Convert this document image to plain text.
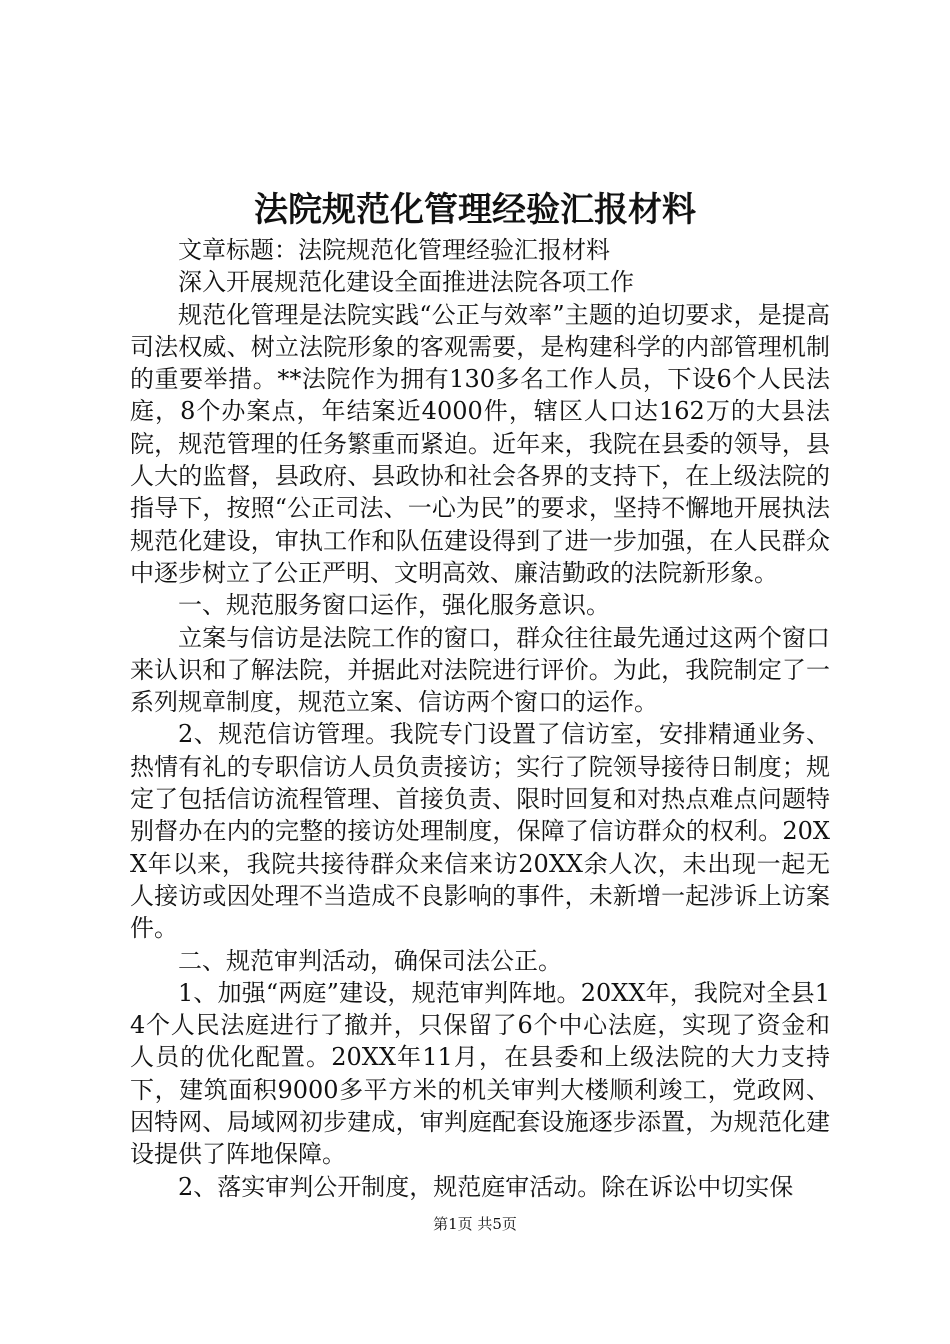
法院规范化管理经验汇报材料

文章标题：法院规范化管理经验汇报材料

深入开展规范化建设全面推进法院各项工作

规范化管理是法院实践“公正与效率”主题的迫切要求，是提高司法权威、树立法院形象的客观需要，是构建科学的内部管理机制的重要举措。**法院作为拥有130多名工作人员，下设6个人民法庭，8个办案点，年结案近4000件，辖区人口达162万的大县法院，规范管理的任务繁重而紧迫。近年来，我院在县委的领导，县人大的监督，县政府、县政协和社会各界的支持下，在上级法院的指导下，按照“公正司法、一心为民”的要求，坚持不懈地开展执法规范化建设，审执工作和队伍建设得到了进一步加强，在人民群众中逐步树立了公正严明、文明高效、廉洁勤政的法院新形象。

一、规范服务窗口运作，强化服务意识。

立案与信访是法院工作的窗口，群众往往最先通过这两个窗口来认识和了解法院，并据此对法院进行评价。为此，我院制定了一系列规章制度，规范立案、信访两个窗口的运作。

2、规范信访管理。我院专门设置了信访室，安排精通业务、热情有礼的专职信访人员负责接访；实行了院领导接待日制度；规定了包括信访流程管理、首接负责、限时回复和对热点难点问题特别督办在内的完整的接访处理制度，保障了信访群众的权利。20XX年以来，我院共接待群众来信来访20XX余人次，未出现一起无人接访或因处理不当造成不良影响的事件，未新增一起涉诉上访案件。

二、规范审判活动，确保司法公正。

1、加强“两庭”建设，规范审判阵地。20XX年，我院对全县14个人民法庭进行了撤并，只保留了6个中心法庭，实现了资金和人员的优化配置。20XX年11月，在县委和上级法院的大力支持下，建筑面积9000多平方米的机关审判大楼顺利竣工，党政网、因特网、局域网初步建成，审判庭配套设施逐步添置，为规范化建设提供了阵地保障。

2、落实审判公开制度，规范庭审活动。除在诉讼中切实保

第1页 共5页
